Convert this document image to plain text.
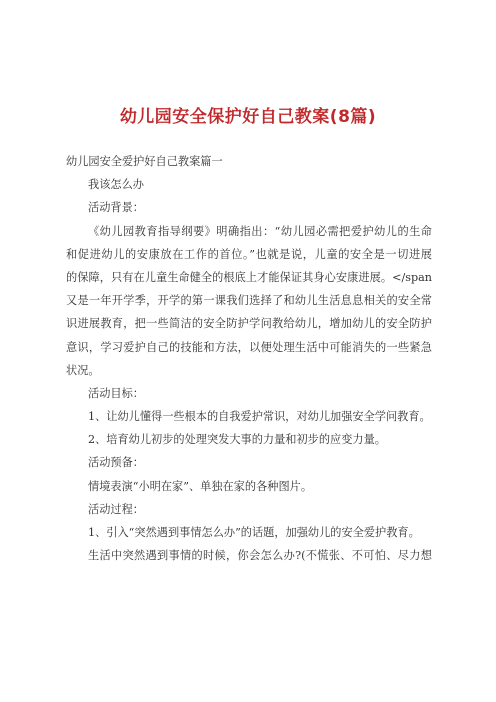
幼儿园安全保护好自己教案(8篇)
幼儿园安全爱护好自己教案篇一
我该怎么办
活动背景：
《幼儿园教育指导纲要》明确指出：“幼儿园必需把爱护幼儿的生命
和促进幼儿的安康放在工作的首位。”也就是说，儿童的安全是一切进展
的保障，只有在儿童生命健全的根底上才能保证其身心安康进展。</span
又是一年开学季，开学的第一课我们选择了和幼儿生活息息相关的安全常
识进展教育，把一些简洁的安全防护学问教给幼儿，增加幼儿的安全防护
意识，学习爱护自己的技能和方法，以便处理生活中可能消失的一些紧急
状况。
活动目标：
1、让幼儿懂得一些根本的自我爱护常识，对幼儿加强安全学问教育。
2、培育幼儿初步的处理突发大事的力量和初步的应变力量。
活动预备：
情境表演“小明在家”、单独在家的各种图片。
活动过程：
1、引入“突然遇到事情怎么办”的话题，加强幼儿的安全爱护教育。
生活中突然遇到事情的时候，你会怎么办?(不慌张、不可怕、尽力想
